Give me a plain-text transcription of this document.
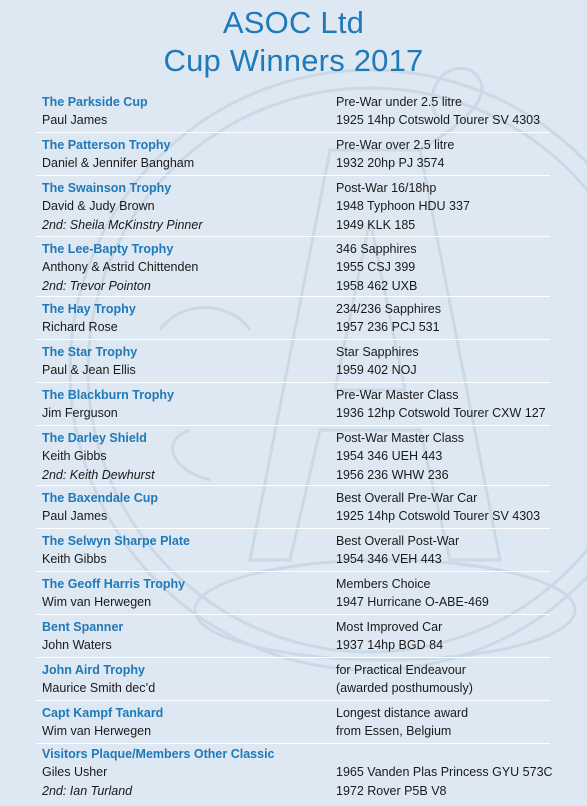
ASOC Ltd
Cup Winners 2017
The Parkside Cup
Paul James
Pre-War under 2.5 litre
1925 14hp Cotswold Tourer SV 4303
The Patterson Trophy
Daniel & Jennifer Bangham
Pre-War over 2.5 litre
1932 20hp PJ 3574
The Swainson Trophy
David & Judy Brown
2nd: Sheila McKinstry Pinner
Post-War 16/18hp
1948 Typhoon HDU 337
1949 KLK 185
The Lee-Bapty Trophy
Anthony & Astrid Chittenden
2nd: Trevor Pointon
346 Sapphires
1955 CSJ 399
1958 462 UXB
The Hay Trophy
Richard Rose
234/236 Sapphires
1957 236 PCJ 531
The Star Trophy
Paul & Jean Ellis
Star Sapphires
1959 402 NOJ
The Blackburn Trophy
Jim Ferguson
Pre-War Master Class
1936 12hp Cotswold Tourer CXW 127
The Darley Shield
Keith Gibbs
2nd: Keith Dewhurst
Post-War Master Class
1954 346 UEH 443
1956 236 WHW 236
The Baxendale Cup
Paul James
Best Overall Pre-War Car
1925 14hp Cotswold Tourer SV 4303
The Selwyn Sharpe Plate
Keith Gibbs
Best Overall Post-War
1954 346 VEH 443
The Geoff Harris Trophy
Wim van Herwegen
Members Choice
1947 Hurricane O-ABE-469
Bent Spanner
John Waters
Most Improved Car
1937 14hp BGD 84
John Aird Trophy
Maurice Smith dec’d
for Practical Endeavour
(awarded posthumously)
Capt Kampf Tankard
Wim van Herwegen
Longest distance award
from Essen, Belgium
Visitors Plaque/Members Other Classic
Giles Usher
2nd: Ian Turland
1965 Vanden Plas Princess GYU 573C
1972 Rover P5B V8
